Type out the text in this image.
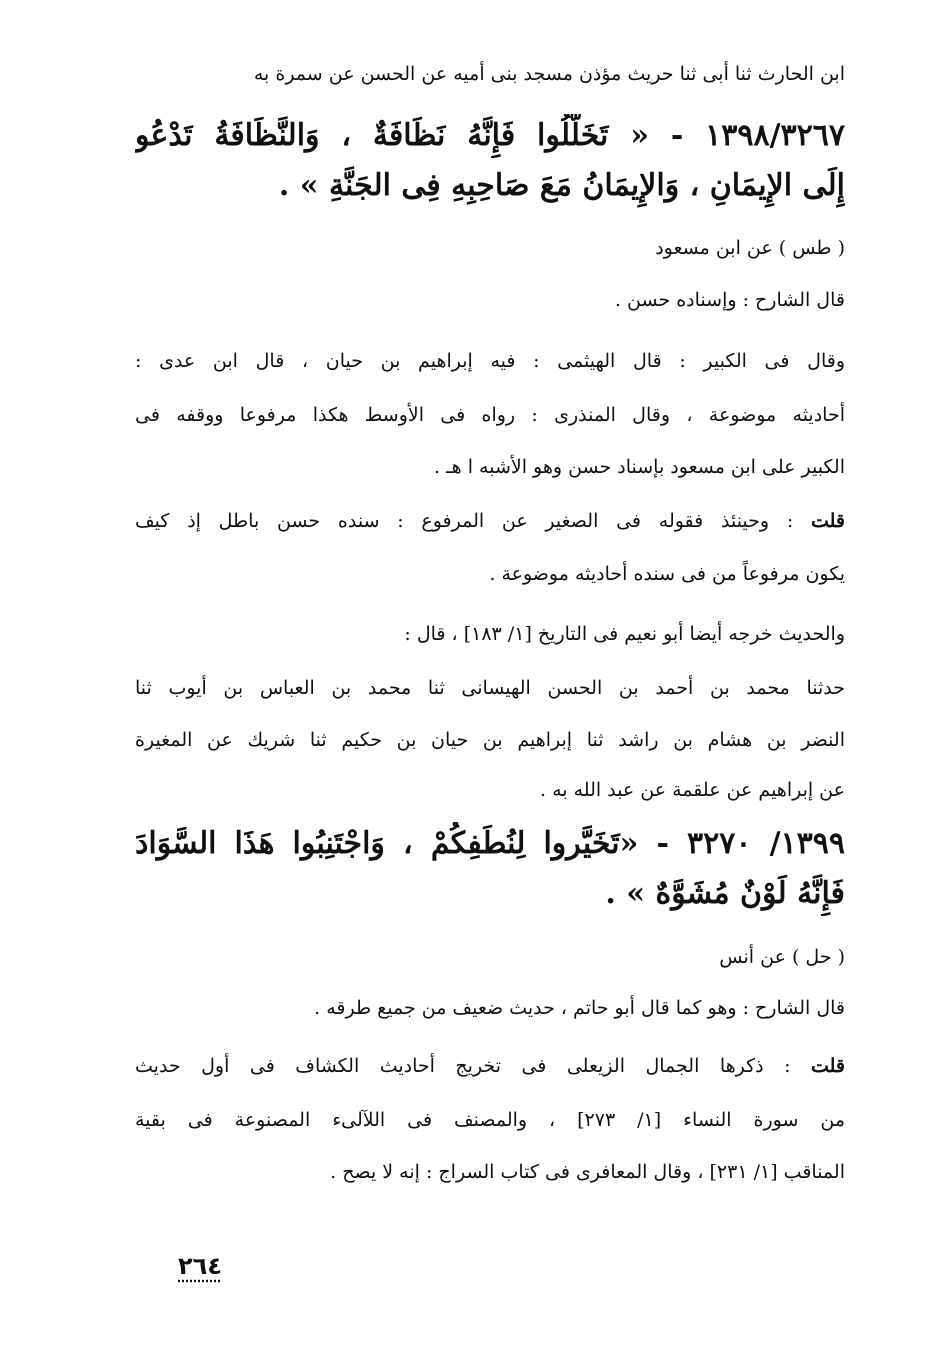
ابن الحارث ثنا أبى ثنا حريث مؤذن مسجد بنى أميه عن الحسن عن سمرة به
١٣٩٨/٣٢٦٧ - « تَخَلَّلُوا فَإِنَّهُ نَظَافَةٌ ، وَالنَّظَافَةُ تَدْعُو
إِلَى الإِيمَانِ ، وَالإِيمَانُ مَعَ صَاحِبِهِ فِى الجَنَّةِ » .
( طس ) عن ابن مسعود
قال الشارح : وإسناده حسن .
وقال فى الكبير : قال الهيثمى : فيه إبراهيم بن حيان ، قال ابن عدى :
أحاديثه موضوعة ، وقال المنذرى : رواه فى الأوسط هكذا مرفوعا ووقفه فى
الكبير على ابن مسعود بإسناد حسن وهو الأشبه ا هـ .
قلت : وحينئذ فقوله فى الصغير عن المرفوع : سنده حسن باطل إذ كيف
يكون مرفوعاً من فى سنده أحاديثه موضوعة .
والحديث خرجه أيضا أبو نعيم فى التاريخ [١/ ١٨٣] ، قال :
حدثنا محمد بن أحمد بن الحسن الهيسانى ثنا محمد بن العباس بن أيوب ثنا
النضر بن هشام بن راشد ثنا إبراهيم بن حيان بن حكيم ثنا شريك عن المغيرة
عن إبراهيم عن علقمة عن عبد الله به .
١٣٩٩/ ٣٢٧٠ - «تَخَيَّروا لِنُطَفِكُمْ ، وَاجْتَنِبُوا هَذَا السَّوَادَ
فَإِنَّهُ لَوْنٌ مُشَوَّهٌ » .
( حل ) عن أنس
قال الشارح : وهو كما قال أبو حاتم ، حديث ضعيف من جميع طرقه .
قلت : ذكرها الجمال الزيعلى فى تخريج أحاديث الكشاف فى أول حديث
من سورة النساء [١/ ٢٧٣] ، والمصنف فى اللآلىء المصنوعة فى بقية
المناقب [١/ ٢٣١] ، وقال المعافرى فى كتاب السراج : إنه لا يصح .
٢٦٤
